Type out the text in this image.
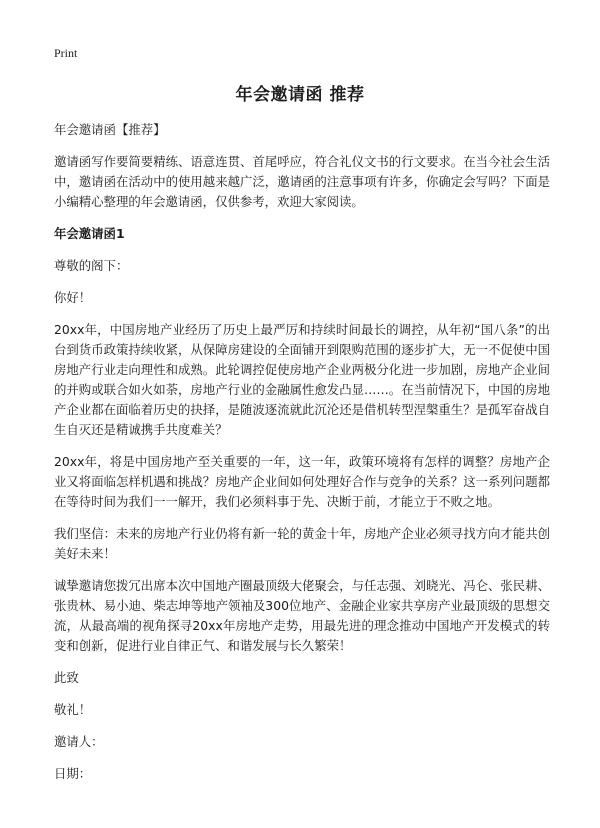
Print
年会邀请函 推荐

年会邀请函【推荐】

邀请函写作要简要精练、语意连贯、首尾呼应，符合礼仪文书的行文要求。在当今社会生活中，邀请函在活动中的使用越来越广泛，邀请函的注意事项有许多，你确定会写吗？下面是小编精心整理的年会邀请函，仅供参考，欢迎大家阅读。

年会邀请函1

尊敬的阁下：

你好！

20xx年，中国房地产业经历了历史上最严厉和持续时间最长的调控，从年初“国八条”的出台到货币政策持续收紧，从保障房建设的全面铺开到限购范围的逐步扩大，无一不促使中国房地产行业走向理性和成熟。此轮调控促使房地产企业两极分化进一步加剧，房地产企业间的并购或联合如火如荼，房地产行业的金融属性愈发凸显……。在当前情况下，中国的房地产企业都在面临着历史的抉择，是随波逐流就此沉沦还是借机转型涅槃重生？是孤军奋战自生自灭还是精诚携手共度难关？

20xx年，将是中国房地产至关重要的一年，这一年，政策环境将有怎样的调整？房地产企业又将面临怎样机遇和挑战？房地产企业间如何处理好合作与竞争的关系？这一系列问题都在等待时间为我们一一解开，我们必须料事于先、决断于前，才能立于不败之地。

我们坚信：未来的房地产行业仍将有新一轮的黄金十年，房地产企业必须寻找方向才能共创美好未来！

诚挚邀请您拨冗出席本次中国地产圈最顶级大佬聚会，与任志强、刘晓光、冯仑、张民耕、张贵林、易小迪、柴志坤等地产领袖及300位地产、金融企业家共享房产业最顶级的思想交流，从最高端的视角探寻20xx年房地产走势，用最先进的理念推动中国地产开发模式的转变和创新，促进行业自律正气、和谐发展与长久繁荣！

此致

敬礼！

邀请人：

日期：
